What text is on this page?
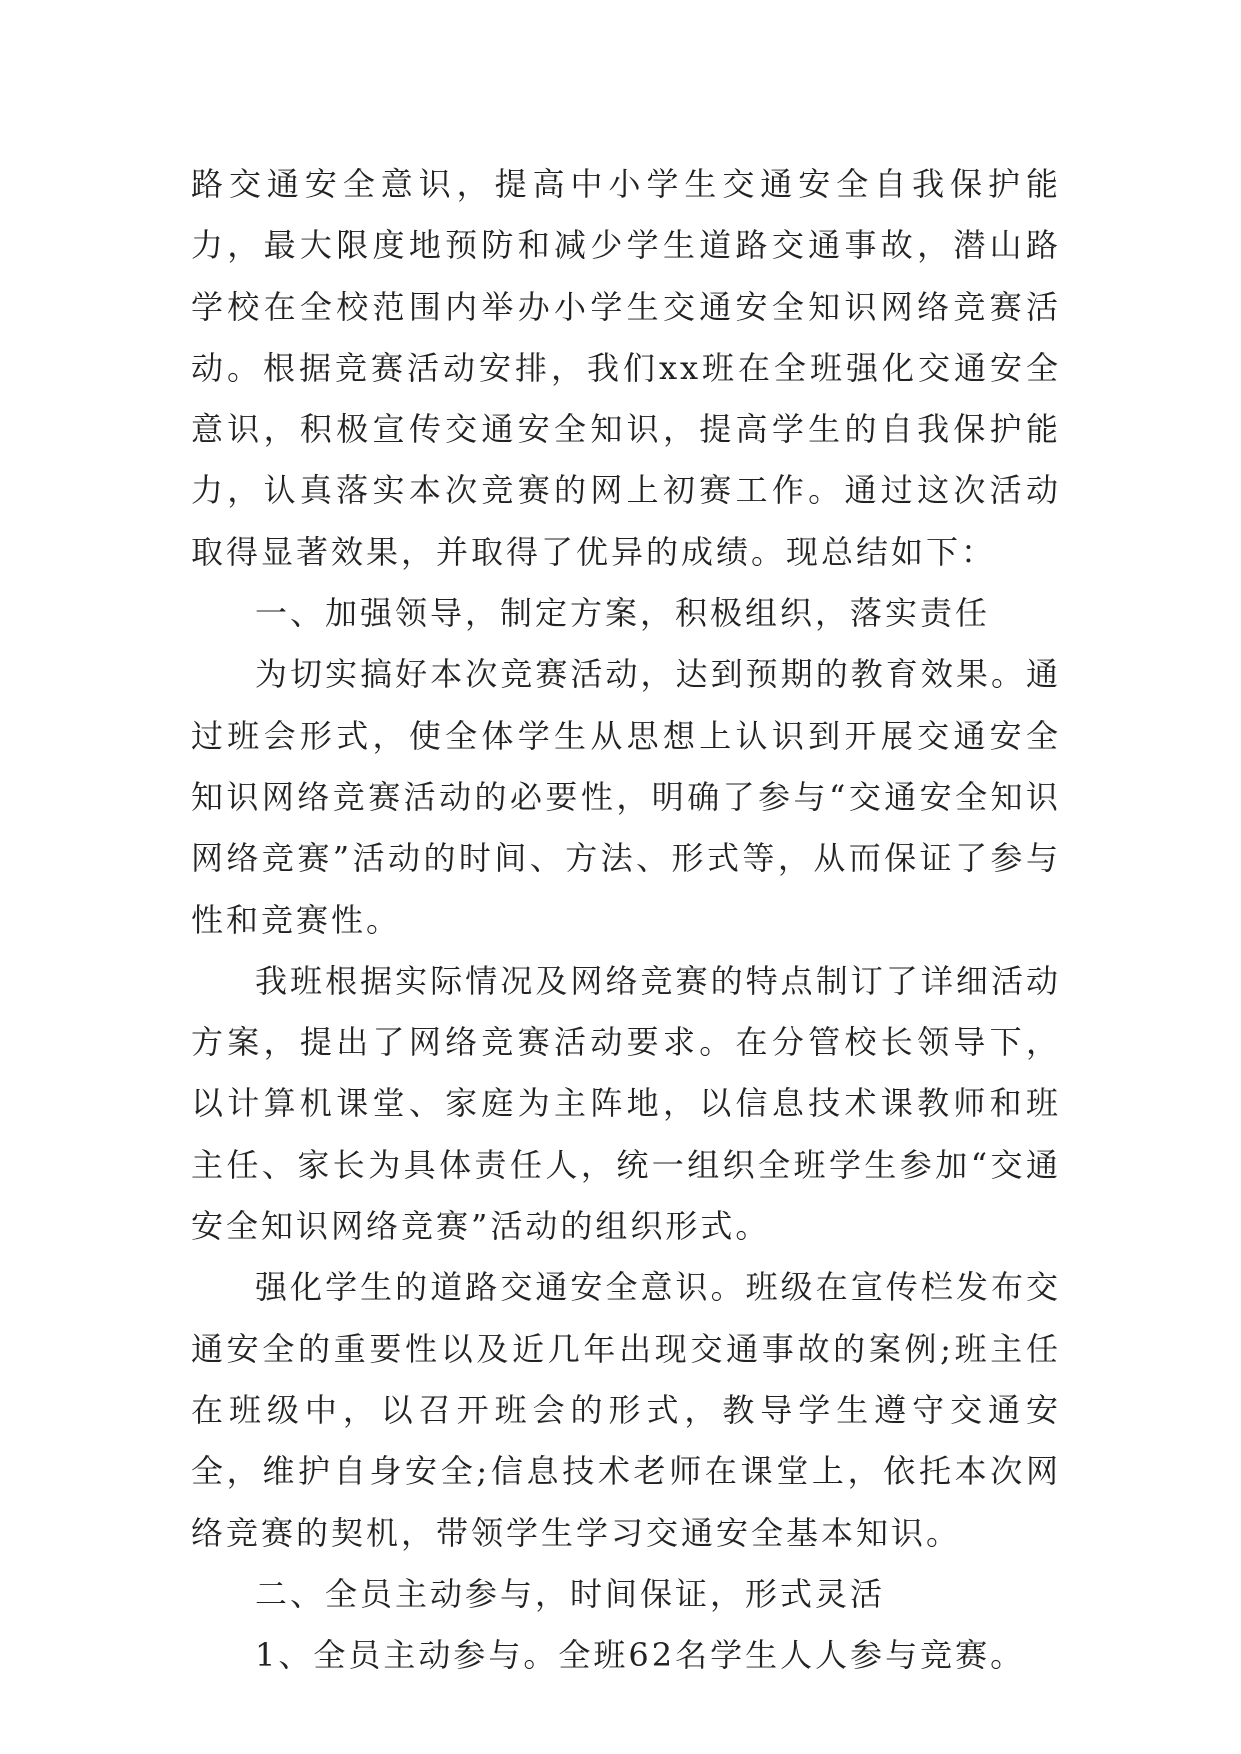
路交通安全意识，提高中小学生交通安全自我保护能力，最大限度地预防和减少学生道路交通事故，潜山路学校在全校范围内举办小学生交通安全知识网络竞赛活动。根据竞赛活动安排，我们xx班在全班强化交通安全意识，积极宣传交通安全知识，提高学生的自我保护能力，认真落实本次竞赛的网上初赛工作。通过这次活动取得显著效果，并取得了优异的成绩。现总结如下：

一、加强领导，制定方案，积极组织，落实责任

为切实搞好本次竞赛活动，达到预期的教育效果。通过班会形式，使全体学生从思想上认识到开展交通安全知识网络竞赛活动的必要性，明确了参与“交通安全知识网络竞赛”活动的时间、方法、形式等，从而保证了参与性和竞赛性。

我班根据实际情况及网络竞赛的特点制订了详细活动方案，提出了网络竞赛活动要求。在分管校长领导下，以计算机课堂、家庭为主阵地，以信息技术课教师和班主任、家长为具体责任人，统一组织全班学生参加“交通安全知识网络竞赛”活动的组织形式。

强化学生的道路交通安全意识。班级在宣传栏发布交通安全的重要性以及近几年出现交通事故的案例;班主任在班级中，以召开班会的形式，教导学生遵守交通安全，维护自身安全;信息技术老师在课堂上，依托本次网络竞赛的契机，带领学生学习交通安全基本知识。

二、全员主动参与，时间保证，形式灵活

1、全员主动参与。全班62名学生人人参与竞赛。
